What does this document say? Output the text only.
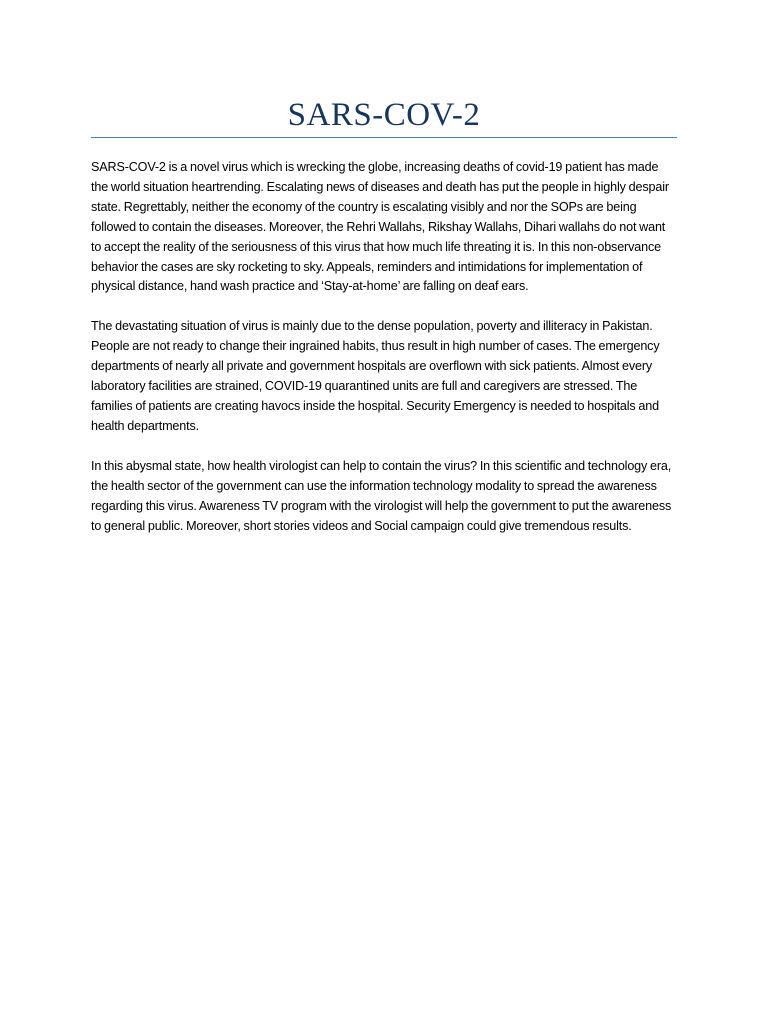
SARS-COV-2

SARS-COV-2 is a novel virus which is wrecking the globe, increasing deaths of covid-19 patient has made the world situation heartrending. Escalating news of diseases and death has put the people in highly despair state. Regrettably, neither the economy of the country is escalating visibly and nor the SOPs are being followed to contain the diseases. Moreover, the Rehri Wallahs, Rikshay Wallahs, Dihari wallahs do not want to accept the reality of the seriousness of this virus that how much life threating it is. In this non-observance behavior the cases are sky rocketing to sky. Appeals, reminders and intimidations for implementation of physical distance, hand wash practice and ‘Stay-at-home’ are falling on deaf ears.

The devastating situation of virus is mainly due to the dense population, poverty and illiteracy in Pakistan. People are not ready to change their ingrained habits, thus result in high number of cases. The emergency departments of nearly all private and government hospitals are overflown with sick patients. Almost every laboratory facilities are strained, COVID-19 quarantined units are full and caregivers are stressed. The families of patients are creating havocs inside the hospital. Security Emergency is needed to hospitals and health departments.

In this abysmal state, how health virologist can help to contain the virus? In this scientific and technology era, the health sector of the government can use the information technology modality to spread the awareness regarding this virus. Awareness TV program with the virologist will help the government to put the awareness to general public. Moreover, short stories videos and Social campaign could give tremendous results.
